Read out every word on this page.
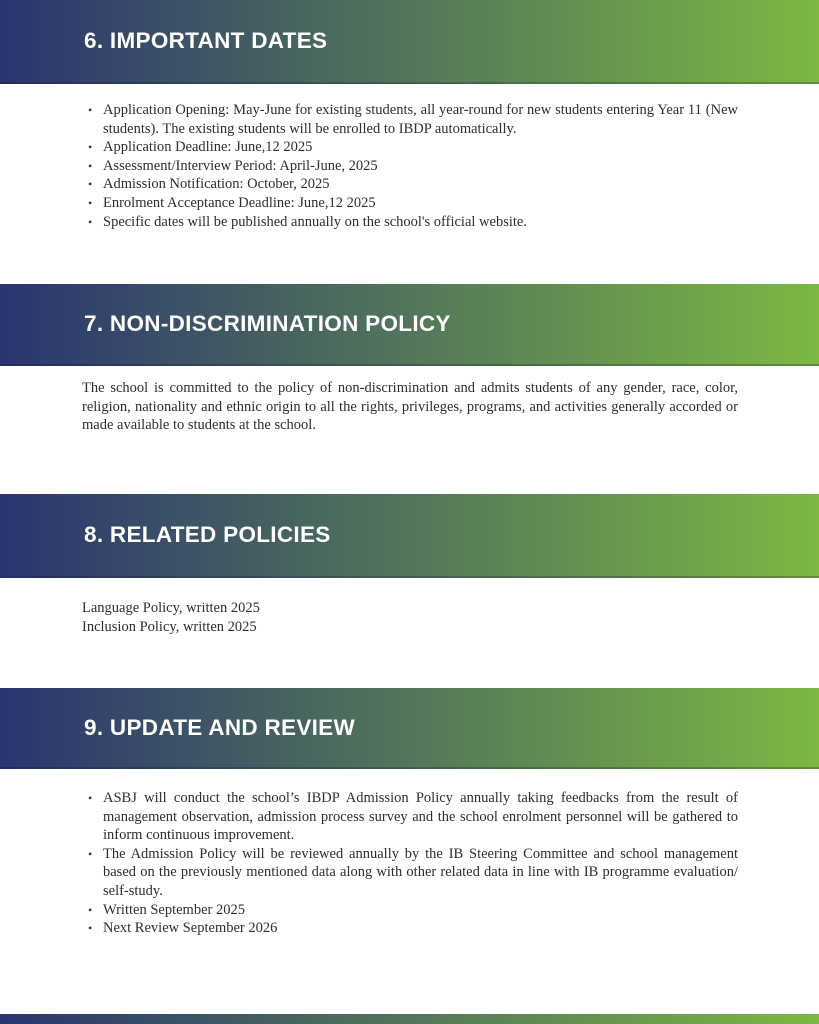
6. IMPORTANT DATES
• Application Opening: May-June for existing students, all year-round for new students entering Year 11 (New students). The existing students will be enrolled to IBDP automatically.
• Application Deadline: June,12 2025
• Assessment/Interview Period: April-June, 2025
• Admission Notification: October, 2025
• Enrolment Acceptance Deadline: June,12 2025
• Specific dates will be published annually on the school's official website.
7. NON-DISCRIMINATION POLICY

The school is committed to the policy of non-discrimination and admits students of any gender, race, color, religion, nationality and ethnic origin to all the rights, privileges, programs, and activities generally accorded or made available to students at the school.

8. RELATED POLICIES
Language Policy, written 2025
Inclusion Policy, written 2025
9. UPDATE AND REVIEW
• ASBJ will conduct the school’s IBDP Admission Policy annually taking feedbacks from the result of management observation, admission process survey and the school enrolment personnel will be gathered to inform continuous improvement.
• The Admission Policy will be reviewed annually by the IB Steering Committee and school management based on the previously mentioned data along with other related data in line with IB programme evaluation/ self-study.
• Written September 2025
• Next Review September 2026
